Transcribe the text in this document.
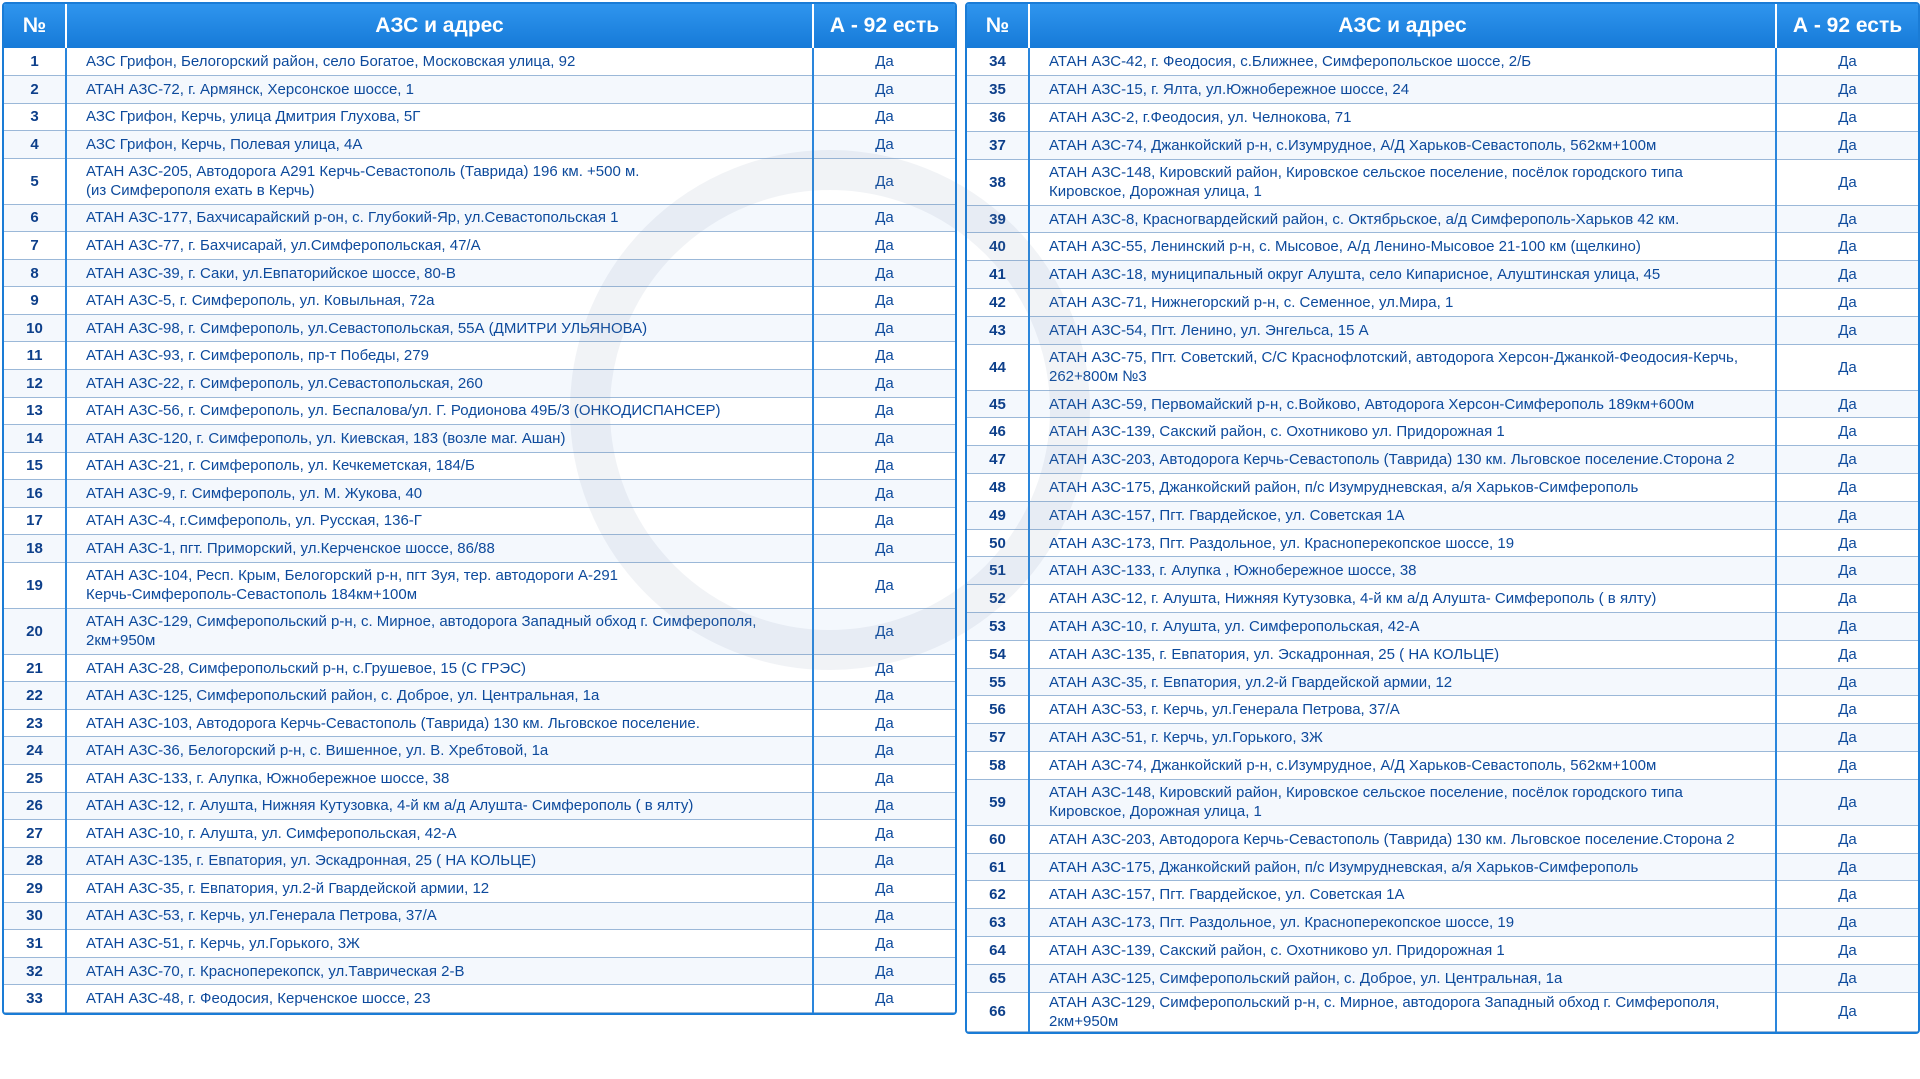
№	АЗС и адрес	А - 92 есть
1	АЗС Грифон, Белогорский район, село Богатое, Московская улица, 92	Да
2	АТАН АЗС-72, г. Армянск, Херсонское шоссе, 1	Да
3	АЗС Грифон, Керчь, улица Дмитрия Глухова, 5Г	Да
4	АЗС Грифон, Керчь, Полевая улица, 4А	Да
5	АТАН АЗС-205, Автодорога А291 Керчь-Севастополь (Таврида) 196 км. +500 м.
(из Симферополя ехать в Керчь)	Да
6	АТАН АЗС-177, Бахчисарайский р-он, с. Глубокий-Яр, ул.Севастопольская 1	Да
7	АТАН АЗС-77, г. Бахчисарай, ул.Симферопольская, 47/А	Да
8	АТАН АЗС-39, г. Саки, ул.Евпаторийское шоссе, 80-В	Да
9	АТАН АЗС-5, г. Симферополь, ул. Ковыльная, 72а	Да
10	АТАН АЗС-98, г. Симферополь, ул.Севастопольская, 55А (ДМИТРИ УЛЬЯНОВА)	Да
11	АТАН АЗС-93, г. Симферополь, пр-т Победы, 279	Да
12	АТАН АЗС-22, г. Симферополь, ул.Севастопольская, 260	Да
13	АТАН АЗС-56, г. Симферополь, ул. Беспалова/ул. Г. Родионова 49Б/3 (ОНКОДИСПАНСЕР)	Да
14	АТАН АЗС-120, г. Симферополь, ул. Киевская, 183 (возле маг. Ашан)	Да
15	АТАН АЗС-21, г. Симферополь, ул. Кечкеметская, 184/Б	Да
16	АТАН АЗС-9, г. Симферополь, ул. М. Жукова, 40	Да
17	АТАН АЗС-4, г.Симферополь, ул. Русская, 136-Г	Да
18	АТАН АЗС-1, пгт. Приморский, ул.Керченское шоссе, 86/88	Да
19	АТАН АЗС-104, Респ. Крым, Белогорский р-н, пгт Зуя, тер. автодороги А-291
Керчь-Симферополь-Севастополь 184км+100м	Да
20	АТАН АЗС-129, Симферопольский р-н, с. Мирное, автодорога Западный обход г. Симферополя,
2км+950м	Да
21	АТАН АЗС-28, Симферопольский р-н, с.Грушевое, 15 (С ГРЭС)	Да
22	АТАН АЗС-125, Симферопольский район, с. Доброе, ул. Центральная, 1а	Да
23	АТАН АЗС-103, Автодорога Керчь-Севастополь (Таврида) 130 км. Льговское поселение.	Да
24	АТАН АЗС-36, Белогорский р-н, с. Вишенное, ул. В. Хребтовой, 1а	Да
25	АТАН АЗС-133, г. Алупка, Южнобережное шоссе, 38	Да
26	АТАН АЗС-12, г. Алушта, Нижняя Кутузовка, 4-й км а/д Алушта- Симферополь ( в ялту)	Да
27	АТАН АЗС-10, г. Алушта, ул. Симферопольская, 42-А	Да
28	АТАН АЗС-135, г. Евпатория, ул. Эскадронная, 25 ( НА КОЛЬЦЕ)	Да
29	АТАН АЗС-35, г. Евпатория, ул.2-й Гвардейской армии, 12	Да
30	АТАН АЗС-53, г. Керчь, ул.Генерала Петрова, 37/А	Да
31	АТАН АЗС-51, г. Керчь, ул.Горького, 3Ж	Да
32	АТАН АЗС-70, г. Красноперекопск, ул.Таврическая 2-В	Да
33	АТАН АЗС-48, г. Феодосия, Керченское шоссе, 23	Да
№	АЗС и адрес	А - 92 есть
34	АТАН АЗС-42, г. Феодосия, с.Ближнее, Симферопольское шоссе, 2/Б	Да
35	АТАН АЗС-15, г. Ялта, ул.Южнобережное шоссе, 24	Да
36	АТАН АЗС-2, г.Феодосия, ул. Челнокова, 71	Да
37	АТАН АЗС-74, Джанкойский р-н, с.Изумрудное, А/Д Харьков-Севастополь, 562км+100м	Да
38	АТАН АЗС-148, Кировский район, Кировское сельское поселение, посёлок городского типа
Кировское, Дорожная улица, 1	Да
39	АТАН АЗС-8, Красногвардейский район, с. Октябрьское, а/д Симферополь-Харьков 42 км.	Да
40	АТАН АЗС-55, Ленинский р-н, с. Мысовое, А/д Ленино-Мысовое 21-100 км (щелкино)	Да
41	АТАН АЗС-18, муниципальный округ Алушта, село Кипарисное, Алуштинская улица, 45	Да
42	АТАН АЗС-71, Нижнегорский р-н, с. Семенное, ул.Мира, 1	Да
43	АТАН АЗС-54, Пгт. Ленино, ул. Энгельса, 15 А	Да
44	АТАН АЗС-75, Пгт. Советский, С/С Краснофлотский, автодорога Херсон-Джанкой-Феодосия-Керчь,
262+800м №3	Да
45	АТАН АЗС-59, Первомайский р-н, с.Войково, Автодорога Херсон-Симферополь 189км+600м	Да
46	АТАН АЗС-139, Сакский район, с. Охотниково ул. Придорожная 1	Да
47	АТАН АЗС-203, Автодорога Керчь-Севастополь (Таврида) 130 км. Льговское поселение.Сторона 2	Да
48	АТАН АЗС-175, Джанкойский район, п/с Изумрудневская, а/я Харьков-Симферополь	Да
49	АТАН АЗС-157, Пгт. Гвардейское, ул. Советская 1А	Да
50	АТАН АЗС-173, Пгт. Раздольное, ул. Красноперекопское шоссе, 19	Да
51	АТАН АЗС-133, г. Алупка , Южнобережное шоссе, 38	Да
52	АТАН АЗС-12, г. Алушта, Нижняя Кутузовка, 4-й км а/д Алушта- Симферополь ( в ялту)	Да
53	АТАН АЗС-10, г. Алушта, ул. Симферопольская, 42-А	Да
54	АТАН АЗС-135, г. Евпатория, ул. Эскадронная, 25 ( НА КОЛЬЦЕ)	Да
55	АТАН АЗС-35, г. Евпатория, ул.2-й Гвардейской армии, 12	Да
56	АТАН АЗС-53, г. Керчь, ул.Генерала Петрова, 37/А	Да
57	АТАН АЗС-51, г. Керчь, ул.Горького, 3Ж	Да
58	АТАН АЗС-74, Джанкойский р-н, с.Изумрудное, А/Д Харьков-Севастополь, 562км+100м	Да
59	АТАН АЗС-148, Кировский район, Кировское сельское поселение, посёлок городского типа
Кировское, Дорожная улица, 1	Да
60	АТАН АЗС-203, Автодорога Керчь-Севастополь (Таврида) 130 км. Льговское поселение.Сторона 2	Да
61	АТАН АЗС-175, Джанкойский район, п/с Изумрудневская, а/я Харьков-Симферополь	Да
62	АТАН АЗС-157, Пгт. Гвардейское, ул. Советская 1А	Да
63	АТАН АЗС-173, Пгт. Раздольное, ул. Красноперекопское шоссе, 19	Да
64	АТАН АЗС-139, Сакский район, с. Охотниково ул. Придорожная 1	Да
65	АТАН АЗС-125, Симферопольский район, с. Доброе, ул. Центральная, 1а	Да
66	АТАН АЗС-129, Симферопольский р-н, с. Мирное, автодорога Западный обход г. Симферополя, 2км+950м	Да
